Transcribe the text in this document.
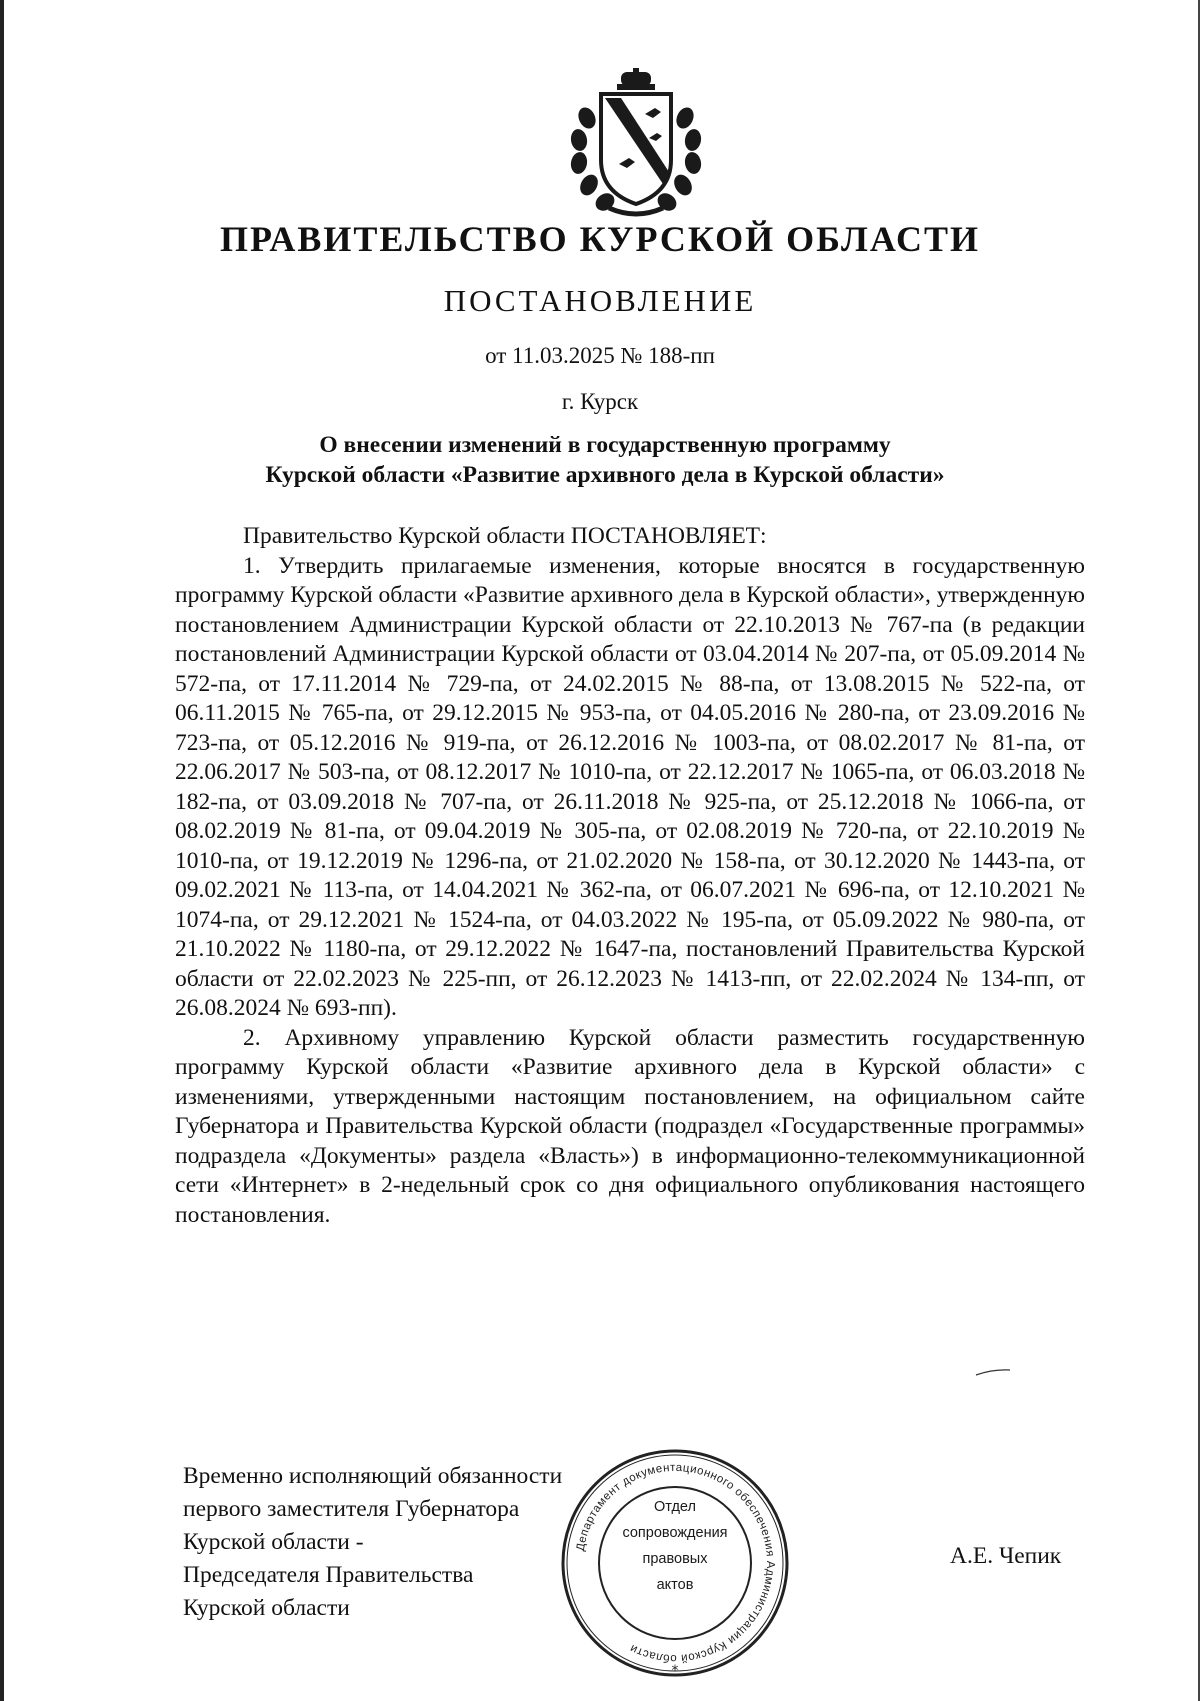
ПРАВИТЕЛЬСТВО КУРСКОЙ ОБЛАСТИ
ПОСТАНОВЛЕНИЕ
от 11.03.2025 № 188-пп
г. Курск
О внесении изменений в государственную программу
Курской области «Развитие архивного дела в Курской области»

Правительство Курской области ПОСТАНОВЛЯЕТ:

1. Утвердить прилагаемые изменения, которые вносятся в государственную программу Курской области «Развитие архивного дела в Курской области», утвержденную постановлением Администрации Курской области от 22.10.2013 № 767-па (в редакции постановлений Администрации Курской области от 03.04.2014 № 207-па, от 05.09.2014 № 572-па, от 17.11.2014 № 729-па, от 24.02.2015 № 88-па, от 13.08.2015 № 522-па, от 06.11.2015 № 765-па, от 29.12.2015 № 953-па, от 04.05.2016 № 280-па, от 23.09.2016 № 723-па, от 05.12.2016 № 919-па, от 26.12.2016 № 1003-па, от 08.02.2017 № 81-па, от 22.06.2017 № 503-па, от 08.12.2017 № 1010-па, от 22.12.2017 № 1065-па, от 06.03.2018 № 182-па, от 03.09.2018 № 707-па, от 26.11.2018 № 925-па, от 25.12.2018 № 1066-па, от 08.02.2019 № 81-па, от 09.04.2019 № 305-па, от 02.08.2019 № 720-па, от 22.10.2019 № 1010-па, от 19.12.2019 № 1296-па, от 21.02.2020 № 158-па, от 30.12.2020 № 1443-па, от 09.02.2021 № 113-па, от 14.04.2021 № 362-па, от 06.07.2021 № 696-па, от 12.10.2021 № 1074-па, от 29.12.2021 № 1524-па, от 04.03.2022 № 195-па, от 05.09.2022 № 980-па, от 21.10.2022 № 1180-па, от 29.12.2022 № 1647-па, постановлений Правительства Курской области от 22.02.2023 № 225-пп, от 26.12.2023 № 1413-пп, от 22.02.2024 № 134-пп, от 26.08.2024 № 693-пп).

2. Архивному управлению Курской области разместить государственную программу Курской области «Развитие архивного дела в Курской области» с изменениями, утвержденными настоящим постановлением, на официальном сайте Губернатора и Правительства Курской области (подраздел «Государственные программы» подраздела «Документы» раздела «Власть») в информационно-телекоммуникационной сети «Интернет» в 2-недельный срок со дня официального опубликования настоящего постановления.

Временно исполняющий обязанности
первого заместителя Губернатора
Курской области -
Председателя Правительства
Курской области
Департамент документационного обеспечения Администрации Курской области
*
Отдел
сопровождения
правовых
актов
А.Е. Чепик
